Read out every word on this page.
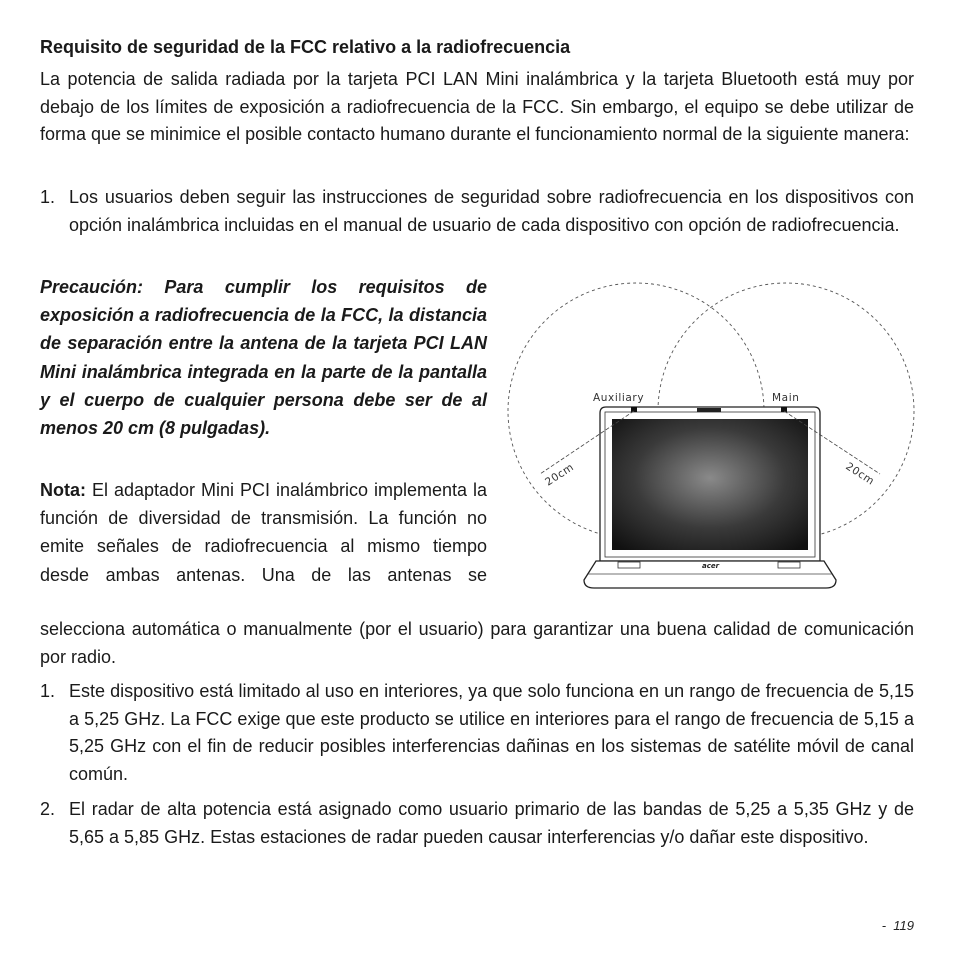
Requisito de seguridad de la FCC relativo a la radiofrecuencia
La potencia de salida radiada por la tarjeta PCI LAN Mini inalámbrica y la tarjeta Bluetooth está muy por debajo de los límites de exposición a radiofrecuencia de la FCC. Sin embargo, el equipo se debe utilizar de forma que se minimice el posible contacto humano durante el funcionamiento normal de la siguiente manera:
1. Los usuarios deben seguir las instrucciones de seguridad sobre radiofrecuencia en los dispositivos con opción inalámbrica incluidas en el manual de usuario de cada dispositivo con opción de radiofrecuencia.
Precaución: Para cumplir los requisitos de exposición a radiofrecuencia de la FCC, la distancia de separación entre la antena de la tarjeta PCI LAN Mini inalámbrica integrada en la parte de la pantalla y el cuerpo de cualquier persona debe ser de al menos 20 cm (8 pulgadas).
Nota: El adaptador Mini PCI inalámbrico implementa la función de diversidad de transmisión. La función no emite señales de radiofrecuencia al mismo tiempo desde ambas antenas. Una de las antenas se
selecciona automática o manualmente (por el usuario) para garantizar una buena calidad de comunicación por radio.
Auxiliary	Main
20cm	20cm
acer
1. Este dispositivo está limitado al uso en interiores, ya que solo funciona en un rango de frecuencia de 5,15 a 5,25 GHz. La FCC exige que este producto se utilice en interiores para el rango de frecuencia de 5,15 a 5,25 GHz con el fin de reducir posibles interferencias dañinas en los sistemas de satélite móvil de canal común.
2. El radar de alta potencia está asignado como usuario primario de las bandas de 5,25 a 5,35 GHz y de 5,65 a 5,85 GHz. Estas estaciones de radar pueden causar interferencias y/o dañar este dispositivo.
- 119
